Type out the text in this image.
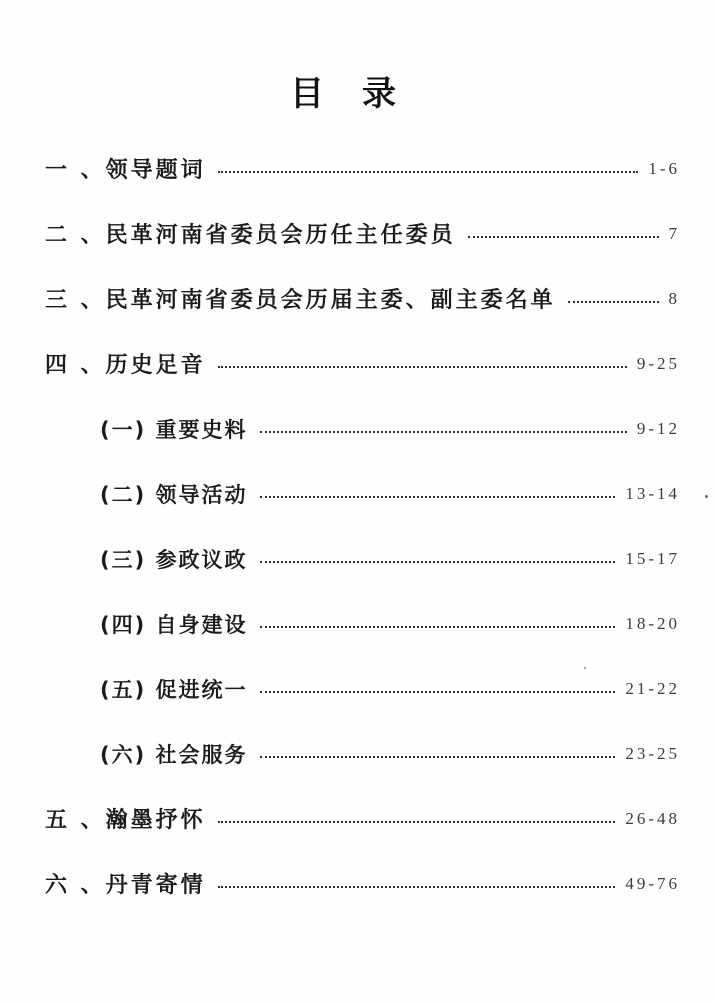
目　录
一 、领导题词	1-6
二 、民革河南省委员会历任主任委员	7
三 、民革河南省委员会历届主委、副主委名单	8
四 、历史足音	9-25
(一) 重要史料	9-12
(二) 领导活动	13-14
(三) 参政议政	15-17
(四) 自身建设	18-20
(五) 促进统一	21-22
(六) 社会服务	23-25
五 、瀚墨抒怀	26-48
六 、丹青寄情	49-76
